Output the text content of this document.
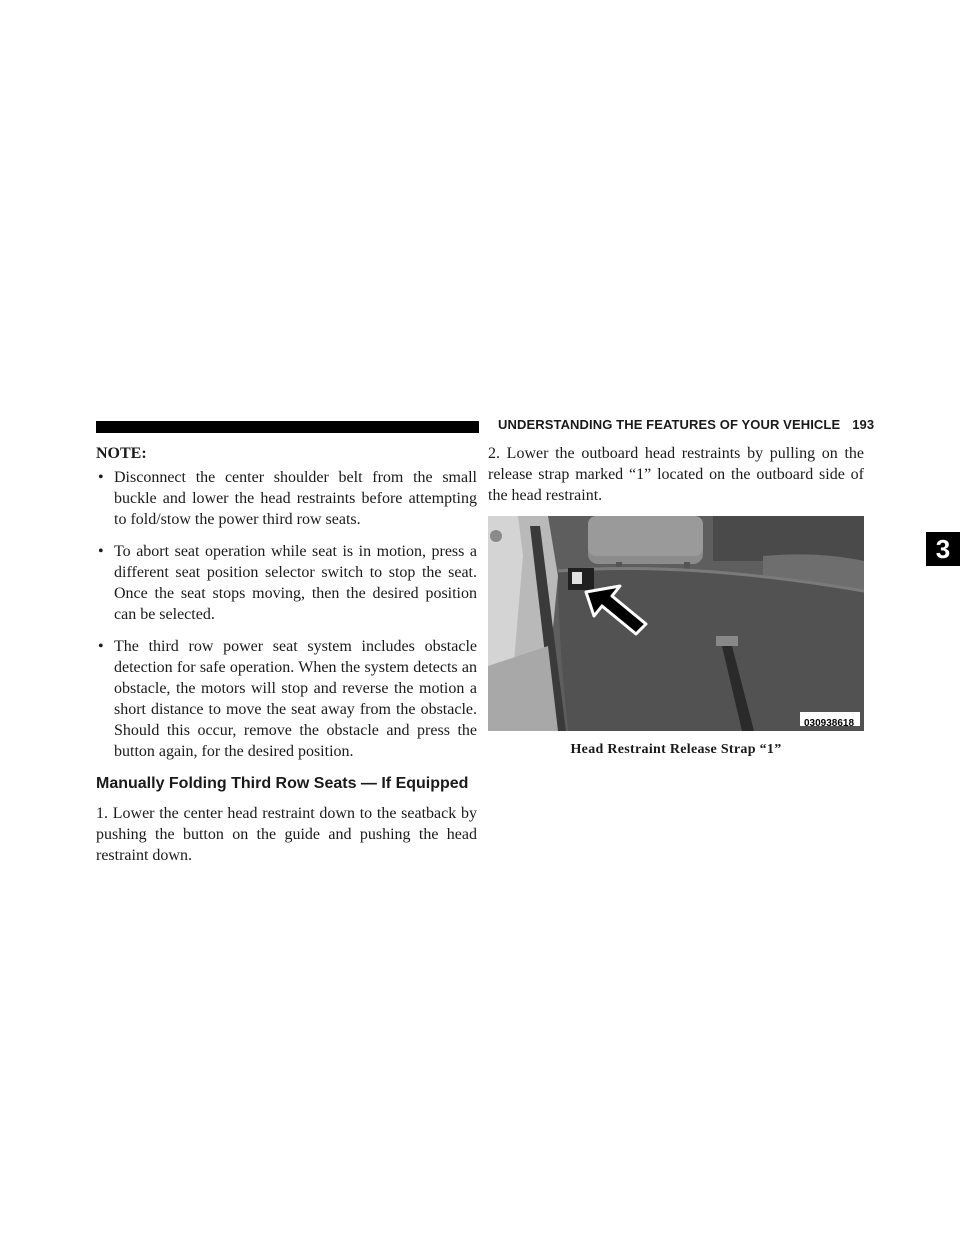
UNDERSTANDING THE FEATURES OF YOUR VEHICLE 193
NOTE:
• Disconnect the center shoulder belt from the small buckle and lower the head restraints before attempting to fold/stow the power third row seats.
• To abort seat operation while seat is in motion, press a different seat position selector switch to stop the seat. Once the seat stops moving, then the desired position can be selected.
• The third row power seat system includes obstacle detection for safe operation. When the system detects an obstacle, the motors will stop and reverse the motion a short distance to move the seat away from the obstacle. Should this occur, remove the obstacle and press the button again, for the desired position.
Manually Folding Third Row Seats — If Equipped

1. Lower the center head restraint down to the seatback by pushing the button on the guide and pushing the head restraint down.

2. Lower the outboard head restraints by pulling on the release strap marked “1” located on the outboard side of the head restraint.

030938618
Head Restraint Release Strap “1”
3
